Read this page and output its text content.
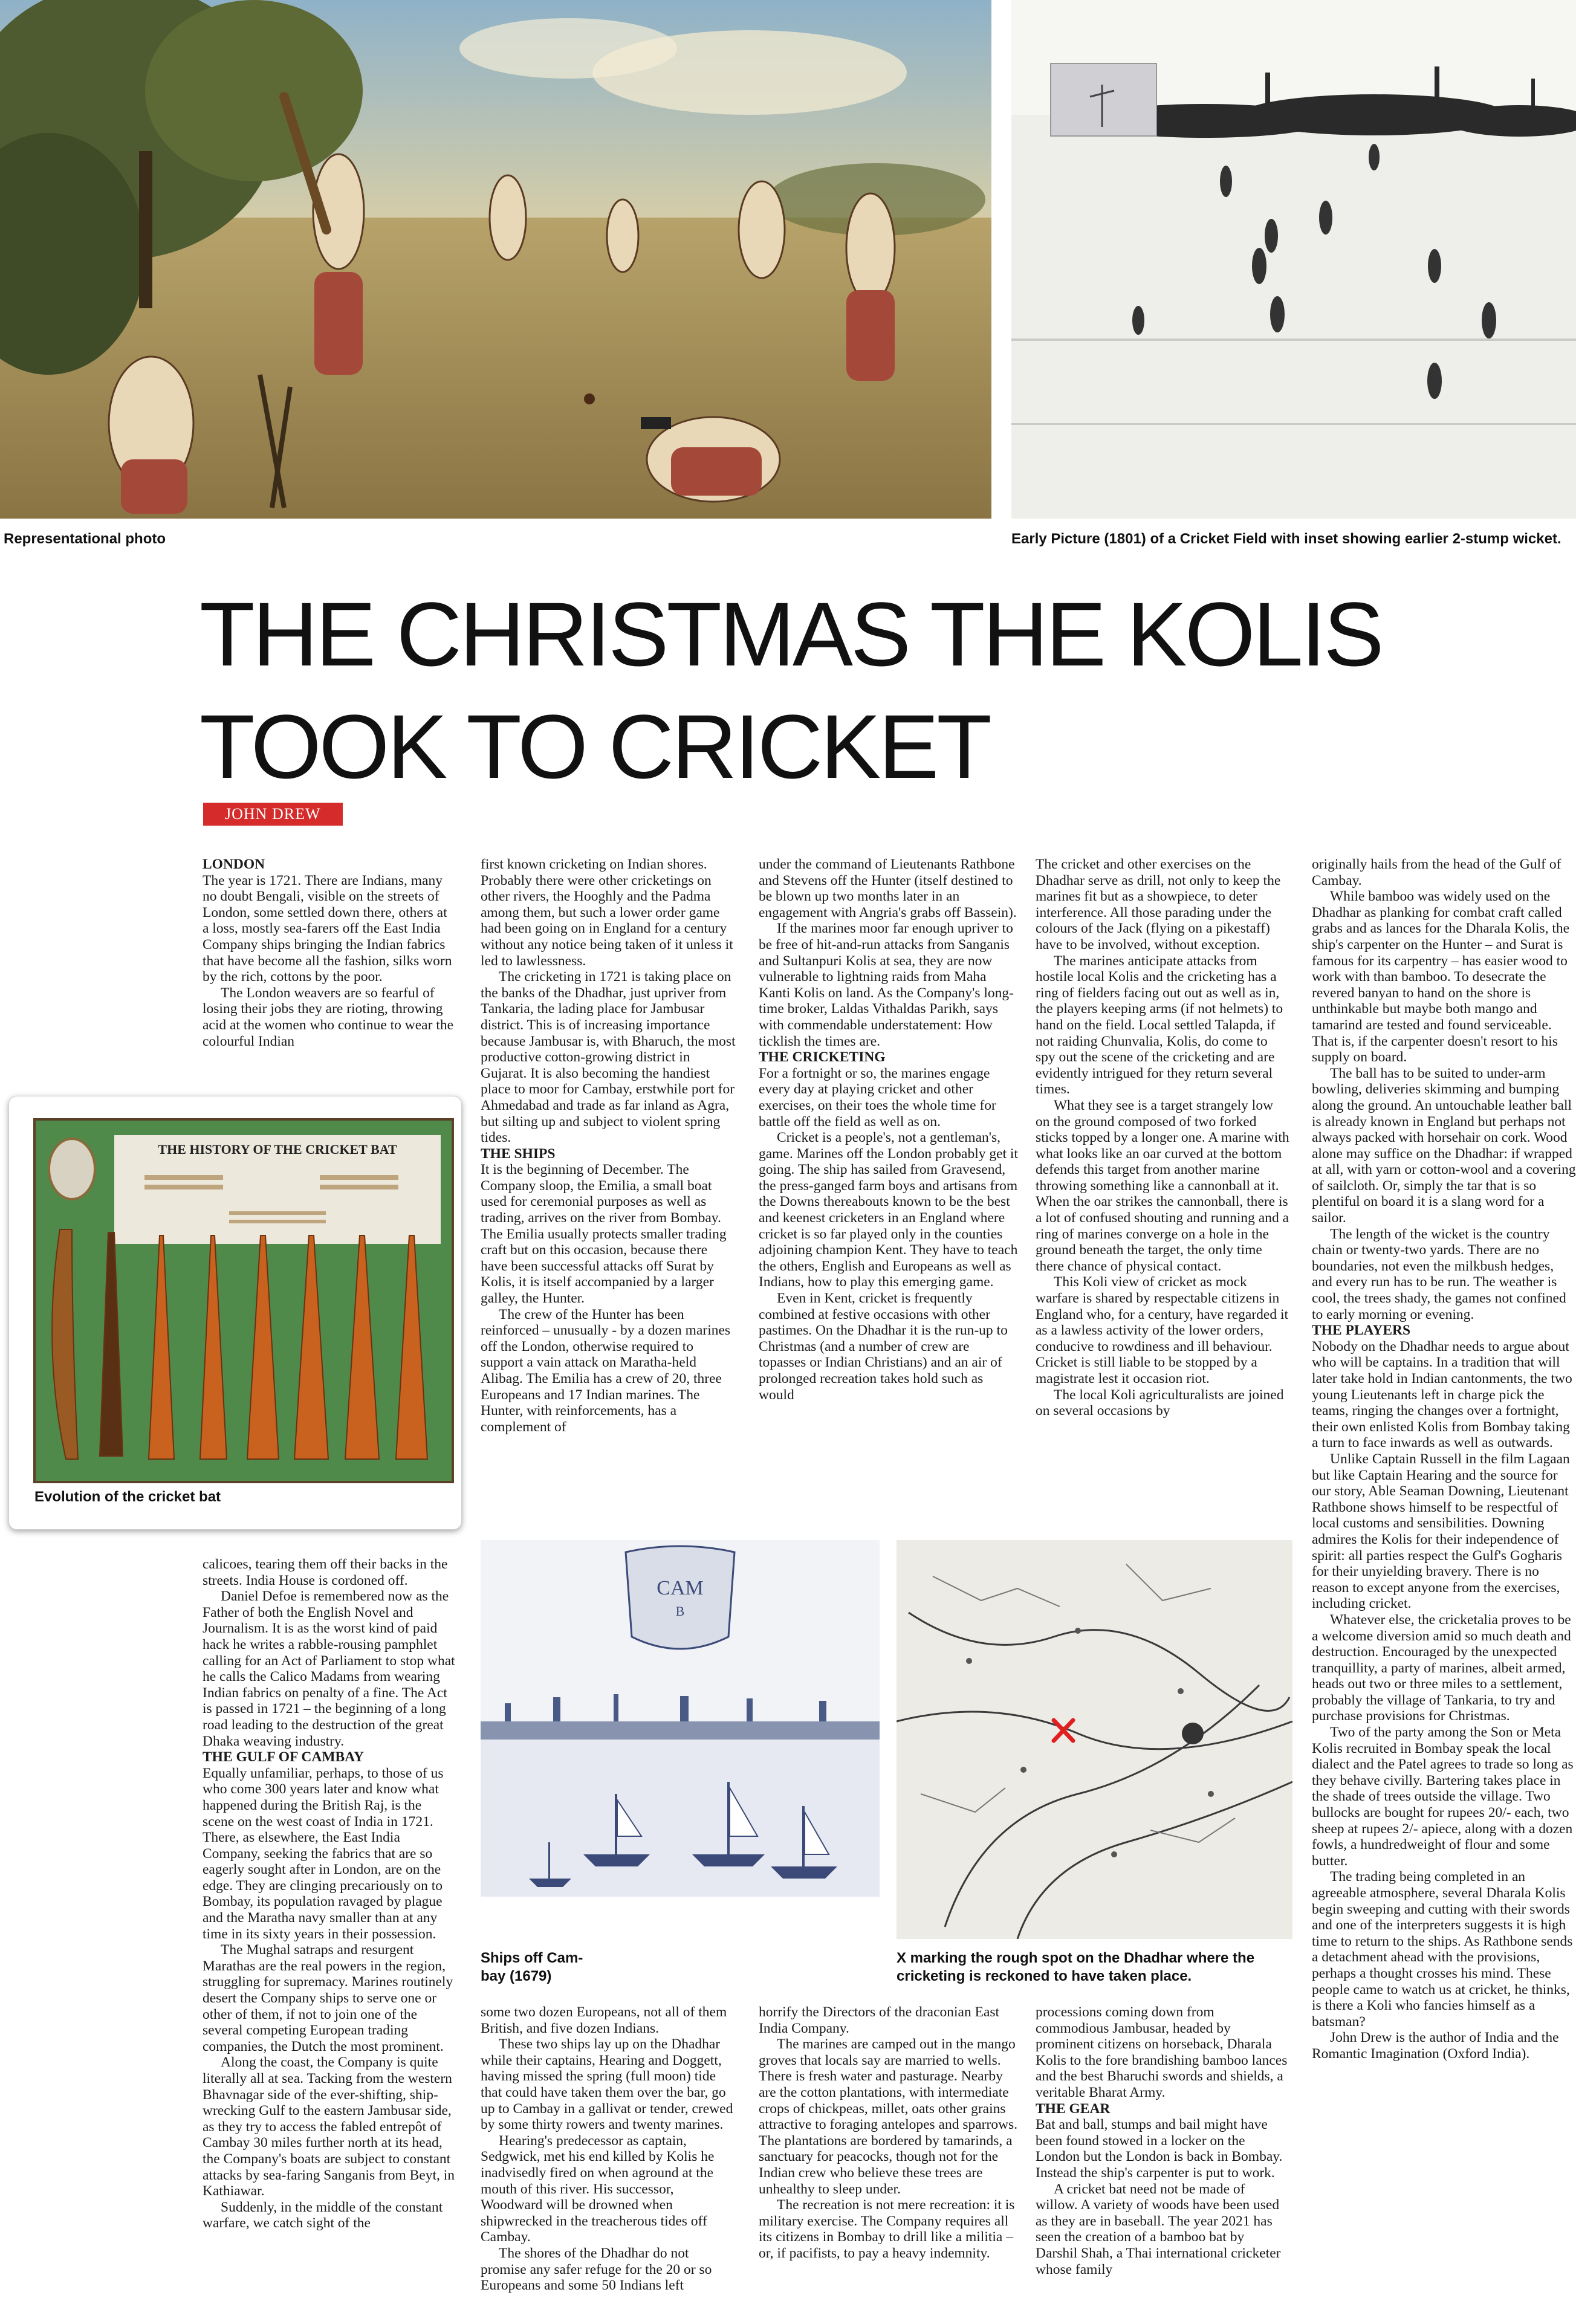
Representational photo	Early Picture (1801) of a Cricket Field with inset showing earlier 2-stump wicket.
THE CHRISTMAS THE KOLIS
TOOK TO CRICKET
JOHN DREW
LONDON

The year is 1721. There are Indians, many no doubt Bengali, visible on the streets of London, some settled down there, others at a loss, mostly sea-farers off the East India Company ships bringing the Indian fabrics that have become all the fashion, silks worn by the rich, cottons by the poor.

The London weavers are so fearful of losing their jobs they are rioting, throwing acid at the women who continue to wear the colourful Indian

THE HISTORY OF THE CRICKET BAT
Evolution of the cricket bat

calicoes, tearing them off their backs in the streets. India House is cordoned off.

Daniel Defoe is remembered now as the Father of both the English Novel and Journalism. It is as the worst kind of paid hack he writes a rabble-rousing pamphlet calling for an Act of Parliament to stop what he calls the Calico Madams from wearing Indian fabrics on penalty of a fine. The Act is passed in 1721 – the beginning of a long road leading to the destruction of the great Dhaka weaving industry.

THE GULF OF CAMBAY

Equally unfamiliar, perhaps, to those of us who come 300 years later and know what happened during the British Raj, is the scene on the west coast of India in 1721. There, as elsewhere, the East India Company, seeking the fabrics that are so eagerly sought after in London, are on the edge. They are clinging precariously on to Bombay, its population ravaged by plague and the Maratha navy smaller than at any time in its sixty years in their possession.

The Mughal satraps and resurgent Marathas are the real powers in the region, struggling for supremacy. Marines routinely desert the Company ships to serve one or other of them, if not to join one of the several competing European trading companies, the Dutch the most prominent.

Along the coast, the Company is quite literally all at sea. Tacking from the western Bhavnagar side of the ever-shifting, ship-wrecking Gulf to the eastern Jambusar side, as they try to access the fabled entrepôt of Cambay 30 miles further north at its head, the Company's boats are subject to constant attacks by sea-faring Sanganis from Beyt, in Kathiawar.

Suddenly, in the middle of the constant warfare, we catch sight of the

first known cricketing on Indian shores. Probably there were other cricketings on other rivers, the Hooghly and the Padma among them, but such a lower order game had been going on in England for a century without any notice being taken of it unless it led to lawlessness.

The cricketing in 1721 is taking place on the banks of the Dhadhar, just upriver from Tankaria, the lading place for Jambusar district. This is of increasing importance because Jambusar is, with Bharuch, the most productive cotton-growing district in Gujarat. It is also becoming the handiest place to moor for Cambay, erstwhile port for Ahmedabad and trade as far inland as Agra, but silting up and subject to violent spring tides.

THE SHIPS

It is the beginning of December. The Company sloop, the Emilia, a small boat used for ceremonial purposes as well as trading, arrives on the river from Bombay. The Emilia usually protects smaller trading craft but on this occasion, because there have been successful attacks off Surat by Kolis, it is itself accompanied by a larger galley, the Hunter.

The crew of the Hunter has been reinforced – unusually - by a dozen marines off the London, otherwise required to support a vain attack on Maratha-held Alibag. The Emilia has a crew of 20, three Europeans and 17 Indian marines. The Hunter, with reinforcements, has a complement of

under the command of Lieutenants Rathbone and Stevens off the Hunter (itself destined to be blown up two months later in an engagement with Angria's grabs off Bassein).

If the marines moor far enough upriver to be free of hit-and-run attacks from Sanganis and Sultanpuri Kolis at sea, they are now vulnerable to lightning raids from Maha Kanti Kolis on land. As the Company's long-time broker, Laldas Vithaldas Parikh, says with commendable understatement: How ticklish the times are.

THE CRICKETING

For a fortnight or so, the marines engage every day at playing cricket and other exercises, on their toes the whole time for battle off the field as well as on.

Cricket is a people's, not a gentleman's, game. Marines off the London probably get it going. The ship has sailed from Gravesend, the press-ganged farm boys and artisans from the Downs thereabouts known to be the best and keenest cricketers in an England where cricket is so far played only in the counties adjoining champion Kent. They have to teach the others, English and Europeans as well as Indians, how to play this emerging game.

Even in Kent, cricket is frequently combined at festive occasions with other pastimes. On the Dhadhar it is the run-up to Christmas (and a number of crew are topasses or Indian Christians) and an air of prolonged recreation takes hold such as would

The cricket and other exercises on the Dhadhar serve as drill, not only to keep the marines fit but as a showpiece, to deter interference. All those parading under the colours of the Jack (flying on a pikestaff) have to be involved, without exception.

The marines anticipate attacks from hostile local Kolis and the cricketing has a ring of fielders facing out out as well as in, the players keeping arms (if not helmets) to hand on the field. Local settled Talapda, if not raiding Chunvalia, Kolis, do come to spy out the scene of the cricketing and are evidently intrigued for they return several times.

What they see is a target strangely low on the ground composed of two forked sticks topped by a longer one. A marine with what looks like an oar curved at the bottom defends this target from another marine throwing something like a cannonball at it. When the oar strikes the cannonball, there is a lot of confused shouting and running and a ring of marines converge on a hole in the ground beneath the target, the only time there chance of physical contact.

This Koli view of cricket as mock warfare is shared by respectable citizens in England who, for a century, have regarded it as a lawless activity of the lower orders, conducive to rowdiness and ill behaviour. Cricket is still liable to be stopped by a magistrate lest it occasion riot.

The local Koli agriculturalists are joined on several occasions by

originally hails from the head of the Gulf of Cambay.

While bamboo was widely used on the Dhadhar as planking for combat craft called grabs and as lances for the Dharala Kolis, the ship's carpenter on the Hunter – and Surat is famous for its carpentry – has easier wood to work with than bamboo. To desecrate the revered banyan to hand on the shore is unthinkable but maybe both mango and tamarind are tested and found serviceable. That is, if the carpenter doesn't resort to his supply on board.

The ball has to be suited to under-arm bowling, deliveries skimming and bumping along the ground. An untouchable leather ball is already known in England but perhaps not always packed with horsehair on cork. Wood alone may suffice on the Dhadhar: if wrapped at all, with yarn or cotton-wool and a covering of sailcloth. Or, simply the tar that is so plentiful on board it is a slang word for a sailor.

The length of the wicket is the country chain or twenty-two yards. There are no boundaries, not even the milkbush hedges, and every run has to be run. The weather is cool, the trees shady, the games not confined to early morning or evening.

THE PLAYERS

Nobody on the Dhadhar needs to argue about who will be captains. In a tradition that will later take hold in Indian cantonments, the two young Lieutenants left in charge pick the teams, ringing the changes over a fortnight, their own enlisted Kolis from Bombay taking a turn to face inwards as well as outwards.

Unlike Captain Russell in the film Lagaan but like Captain Hearing and the source for our story, Able Seaman Downing, Lieutenant Rathbone shows himself to be respectful of local customs and sensibilities. Downing admires the Kolis for their independence of spirit: all parties respect the Gulf's Gogharis for their unyielding bravery. There is no reason to except anyone from the exercises, including cricket.

Whatever else, the cricketalia proves to be a welcome diversion amid so much death and destruction. Encouraged by the unexpected tranquillity, a party of marines, albeit armed, heads out two or three miles to a settlement, probably the village of Tankaria, to try and purchase provisions for Christmas.

Two of the party among the Son or Meta Kolis recruited in Bombay speak the local dialect and the Patel agrees to trade so long as they behave civilly. Bartering takes place in the shade of trees outside the village. Two bullocks are bought for rupees 20/- each, two sheep at rupees 2/- apiece, along with a dozen fowls, a hundredweight of flour and some butter.

The trading being completed in an agreeable atmosphere, several Dharala Kolis begin sweeping and cutting with their swords and one of the interpreters suggests it is high time to return to the ships. As Rathbone sends a detachment ahead with the provisions, perhaps a thought crosses his mind. These people came to watch us at cricket, he thinks, is there a Koli who fancies himself as a batsman?

John Drew is the author of India and the Romantic Imagination (Oxford India).

CAM
B
Ships off Cam-
bay (1679)
X marking the rough spot on the Dhadhar where the
cricketing is reckoned to have taken place.

some two dozen Europeans, not all of them British, and five dozen Indians.

These two ships lay up on the Dhadhar while their captains, Hearing and Doggett, having missed the spring (full moon) tide that could have taken them over the bar, go up to Cambay in a gallivat or tender, crewed by some thirty rowers and twenty marines.

Hearing's predecessor as captain, Sedgwick, met his end killed by Kolis he inadvisedly fired on when aground at the mouth of this river. His successor, Woodward will be drowned when shipwrecked in the treacherous tides off Cambay.

The shores of the Dhadhar do not promise any safer refuge for the 20 or so Europeans and some 50 Indians left

horrify the Directors of the draconian East India Company.

The marines are camped out in the mango groves that locals say are married to wells. There is fresh water and pasturage. Nearby are the cotton plantations, with intermediate crops of chickpeas, millet, oats other grains attractive to foraging antelopes and sparrows. The plantations are bordered by tamarinds, a sanctuary for peacocks, though not for the Indian crew who believe these trees are unhealthy to sleep under.

The recreation is not mere recreation: it is military exercise. The Company requires all its citizens in Bombay to drill like a militia – or, if pacifists, to pay a heavy indemnity.

processions coming down from commodious Jambusar, headed by prominent citizens on horseback, Dharala Kolis to the fore brandishing bamboo lances and the best Bharuchi swords and shields, a veritable Bharat Army.

THE GEAR

Bat and ball, stumps and bail might have been found stowed in a locker on the London but the London is back in Bombay. Instead the ship's carpenter is put to work.

A cricket bat need not be made of willow. A variety of woods have been used as they are in baseball. The year 2021 has seen the creation of a bamboo bat by Darshil Shah, a Thai international cricketer whose family
